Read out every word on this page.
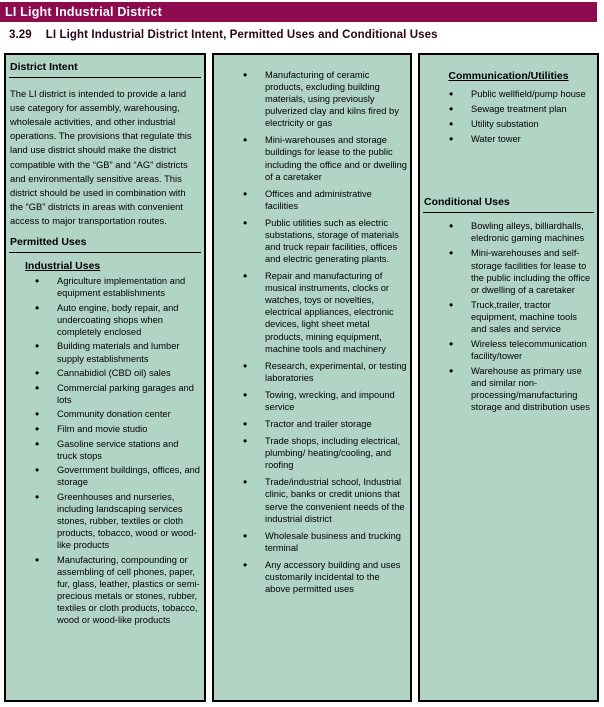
LI Light Industrial District
3.29 LI Light Industrial District Intent, Permitted Uses and Conditional Uses
District Intent
The LI district is intended to provide a land use category for assembly, warehousing, wholesale activities, and other industrial operations. The provisions that regulate this land use district should make the district compatible with the “GB” and “AG” districts and environmentally sensitive areas. This district should be used in combination with the “GB” districts in areas with convenient access to major transportation routes.
Permitted Uses
Industrial Uses
• Agriculture implementation and equipment establishments
• Auto engine, body repair, and undercoating shops when completely enclosed
• Building materials and lumber supply establishments
• Cannabidiol (CBD oil) sales
• Commercial parking garages and lots
• Community donation center
• Film and movie studio
• Gasoline service stations and truck stops
• Government buildings, offices, and storage
• Greenhouses and nurseries, including landscaping services stones, rubber, textiles or cloth products, tobacco, wood or wood-like products
• Manufacturing, compounding or assembling of cell phones, paper, fur, glass, leather, plastics or semi-precious metals or stones, rubber, textiles or cloth products, tobacco, wood or wood-like products
• Manufacturing of ceramic products, excluding building materials, using previously pulverized clay and kilns fired by electricity or gas
• Mini-warehouses and storage buildings for lease to the public including the office and or dwelling of a caretaker
• Offices and administrative facilities
• Public utilities such as electric substations, storage of materials and truck repair facilities, offices and electric generating plants.
• Repair and manufacturing of musical instruments, clocks or watches, toys or novelties, electrical appliances, electronic devices, light sheet metal products, mining equipment, machine tools and machinery
• Research, experimental, or testing laboratories
• Towing, wrecking, and impound service
• Tractor and trailer storage
• Trade shops, including electrical, plumbing/ heating/cooling, and roofing
• Trade/industrial school, Industrial clinic, banks or credit unions that serve the convenient needs of the industrial district
• Wholesale business and trucking terminal
• Any accessory building and uses customarily incidental to the above permitted uses
Communication/Utilities
• Public wellfield/pump house
• Sewage treatment plan
• Utility substation
• Water tower
Conditional Uses
• Bowling alleys, billiardhalls, eledronic gaming machines
• Mini-warehouses and self-storage facilities for lease to the public including the office or dwelling of a caretaker
• Truck,trailer, tractor equipment, machine tools and sales and service
• Wireless telecommunication facility/tower
• Warehouse as primary use and similar non-processing/manufacturing storage and distribution uses
